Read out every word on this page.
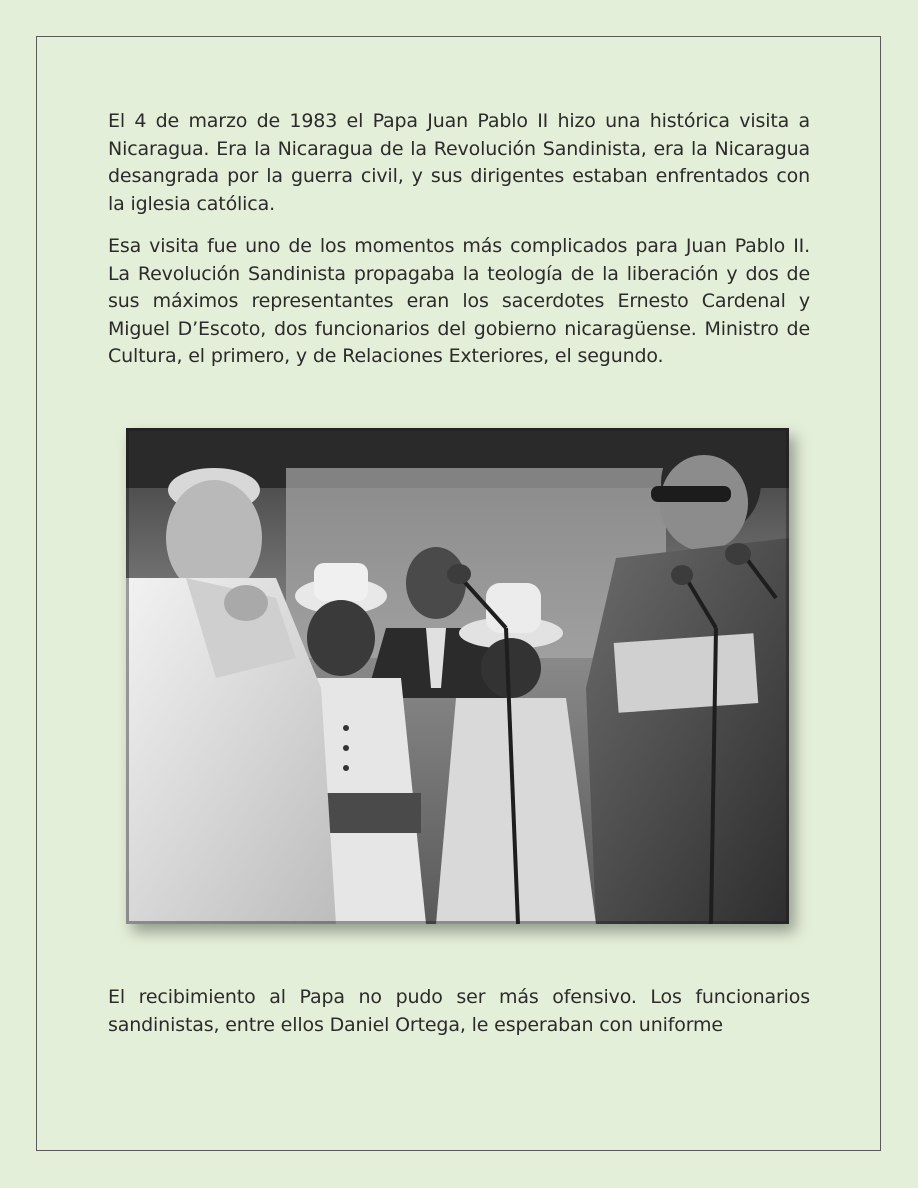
El 4 de marzo de 1983 el Papa Juan Pablo II hizo una histórica visita a Nicaragua. Era la Nicaragua de la Revolución Sandinista, era la Nicaragua desangrada por la guerra civil, y sus dirigentes estaban enfrentados con la iglesia católica.

Esa visita fue uno de los momentos más complicados para Juan Pablo II. La Revolución Sandinista propagaba la teología de la liberación y dos de sus máximos representantes eran los sacerdotes Ernesto Cardenal y Miguel D’Escoto, dos funcionarios del gobierno nicaragüense. Ministro de Cultura, el primero, y de Relaciones Exteriores, el segundo.

El recibimiento al Papa no pudo ser más ofensivo. Los funcionarios sandinistas, entre ellos Daniel Ortega, le esperaban con uniforme
